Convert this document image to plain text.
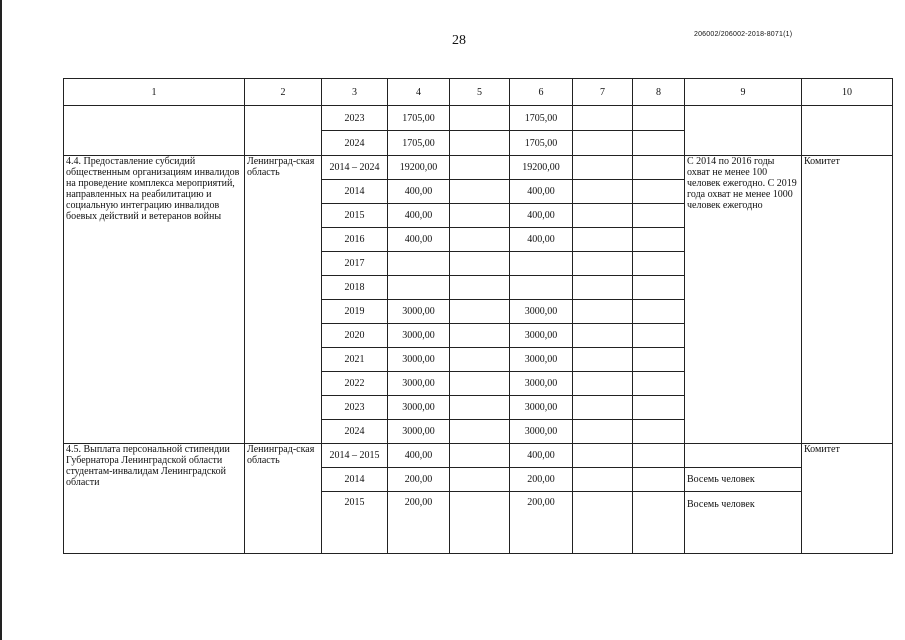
28	206002/206002-2018-8071(1)
1	2	3	4	5	6	7	8	9	10
		2023	1705,00		1705,00				
		2024	1705,00		1705,00				
4.4. Предоставление субсидий общественным организациям инвалидов на проведение комплекса мероприятий, направленных на реабилитацию и социальную интеграцию инвалидов боевых действий и ветеранов войны	Ленинград-ская область	2014 – 2024	19200,00		19200,00			С 2014 по 2016 годы охват не менее 100 человек ежегодно. С 2019 года охват не менее 1000 человек ежегодно	Комитет
		2014	400,00		400,00				
		2015	400,00		400,00				
		2016	400,00		400,00				
		2017							
		2018							
		2019	3000,00		3000,00				
		2020	3000,00		3000,00				
		2021	3000,00		3000,00				
		2022	3000,00		3000,00				
		2023	3000,00		3000,00				
		2024	3000,00		3000,00				
4.5. Выплата персональной стипендии Губернатора Ленинградской области студентам-инвалидам Ленинградской области	Ленинград-ская область	2014 – 2015	400,00		400,00				Комитет
		2014	200,00		200,00			Восемь человек	
		2015	200,00		200,00			Восемь человек	
